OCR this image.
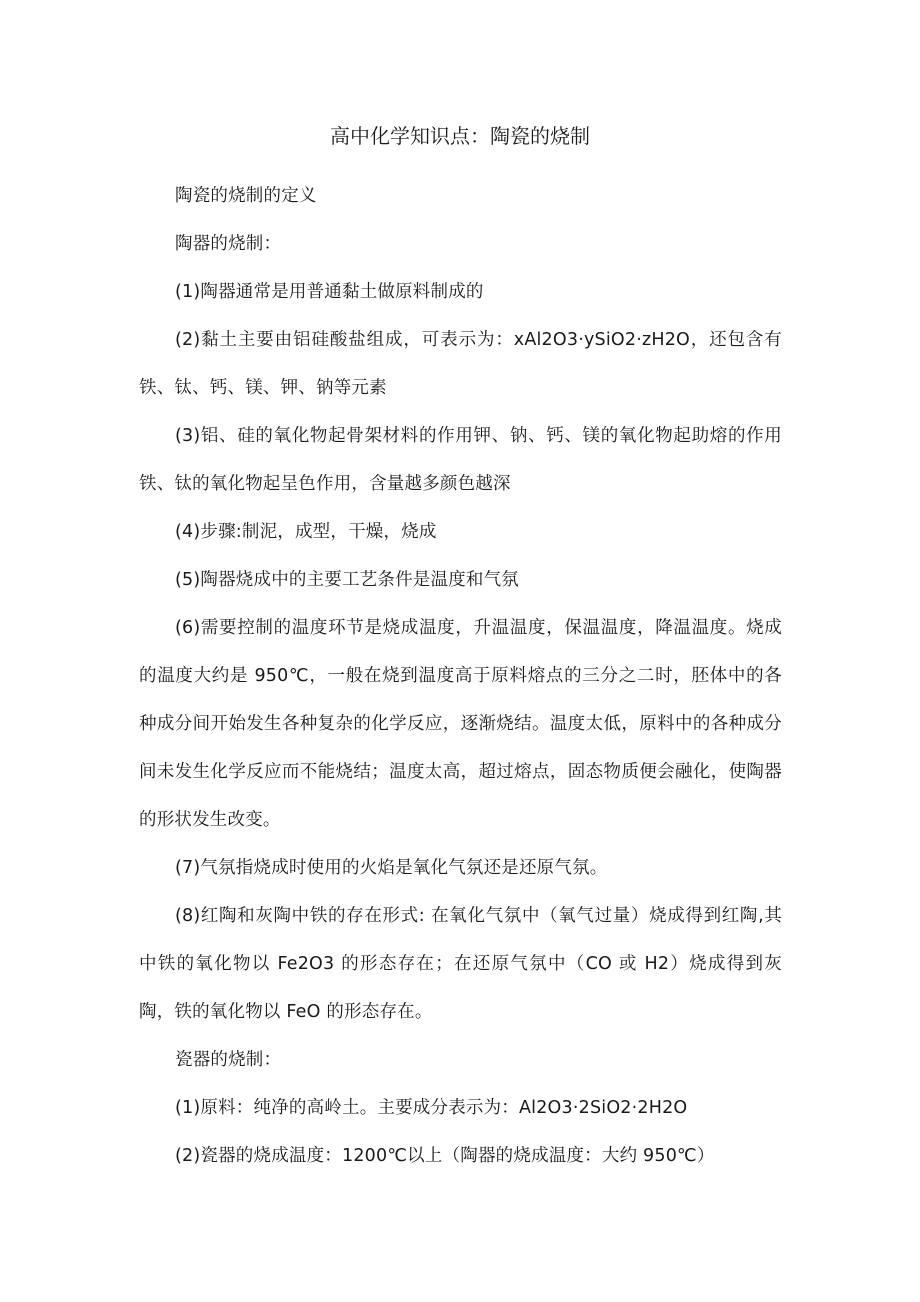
高中化学知识点：陶瓷的烧制

陶瓷的烧制的定义

陶器的烧制：

(1)陶器通常是用普通黏土做原料制成的

(2)黏土主要由铝硅酸盐组成，可表示为：xAl2O3·ySiO2·zH2O，还包含有铁、钛、钙、镁、钾、钠等元素

(3)铝、硅的氧化物起骨架材料的作用钾、钠、钙、镁的氧化物起助熔的作用铁、钛的氧化物起呈色作用，含量越多颜色越深

(4)步骤:制泥，成型，干燥，烧成

(5)陶器烧成中的主要工艺条件是温度和气氛

(6)需要控制的温度环节是烧成温度，升温温度，保温温度，降温温度。烧成的温度大约是 950℃，一般在烧到温度高于原料熔点的三分之二时，胚体中的各种成分间开始发生各种复杂的化学反应，逐渐烧结。温度太低，原料中的各种成分间未发生化学反应而不能烧结；温度太高，超过熔点，固态物质便会融化，使陶器的形状发生改变。

(7)气氛指烧成时使用的火焰是氧化气氛还是还原气氛。

(8)红陶和灰陶中铁的存在形式: 在氧化气氛中（氧气过量）烧成得到红陶,其中铁的氧化物以 Fe2O3 的形态存在；在还原气氛中（CO 或 H2）烧成得到灰陶，铁的氧化物以 FeO 的形态存在。

瓷器的烧制：

(1)原料：纯净的高岭土。主要成分表示为：Al2O3·2SiO2·2H2O

(2)瓷器的烧成温度：1200℃以上（陶器的烧成温度：大约 950℃）
